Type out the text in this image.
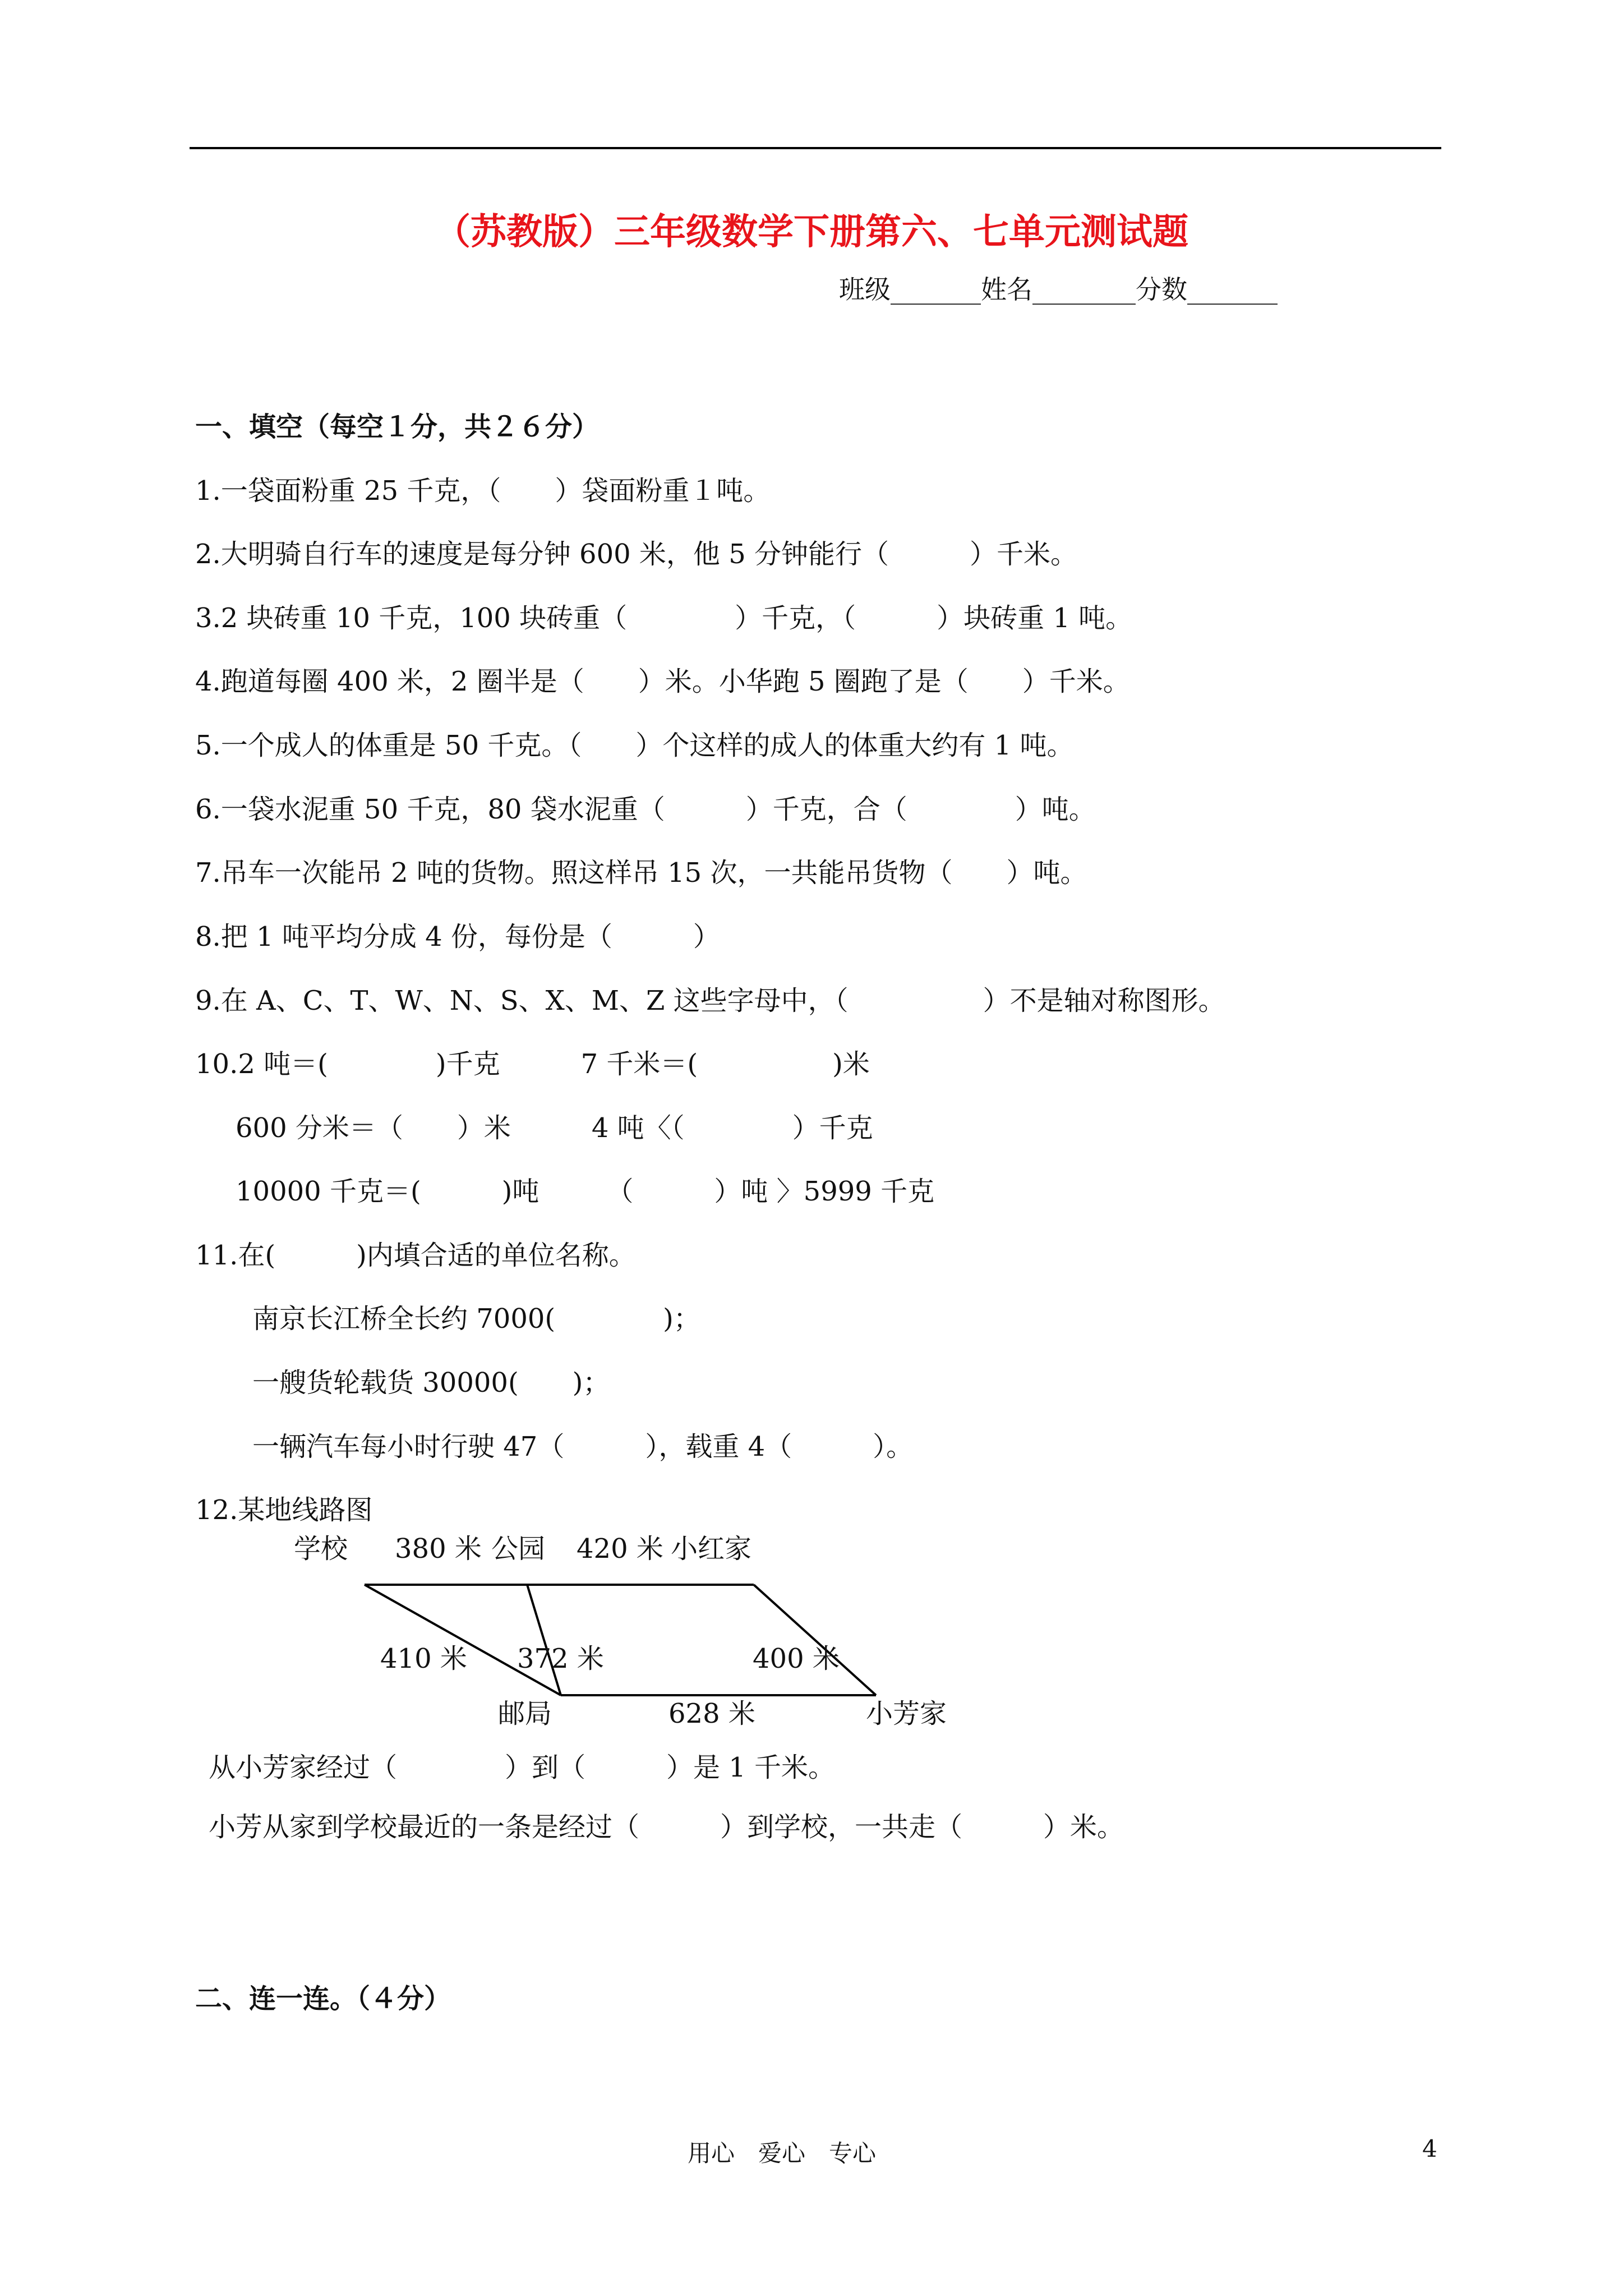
（苏教版）三年级数学下册第六、七单元测试题
班级_______姓名________分数_______
一、填空（每空１分，共２６分）
1.一袋面粉重 25 千克，（　　）袋面粉重１吨。
2.大明骑自行车的速度是每分钟 600 米，他 5 分钟能行（　　　）千米。
3.2 块砖重 10 千克，100 块砖重（　　　　）千克，（　　　）块砖重 1 吨。
4.跑道每圈 400 米，2 圈半是（　　）米。小华跑 5 圈跑了是（　　）千米。
5.一个成人的体重是 50 千克。（　　）个这样的成人的体重大约有 1 吨。
6.一袋水泥重 50 千克，80 袋水泥重（　　　）千克，合（　　　　）吨。
7.吊车一次能吊 2 吨的货物。照这样吊 15 次，一共能吊货物（　　）吨。
8.把 1 吨平均分成 4 份，每份是（　　　）
9.在 A、C、T、W、N、S、X、M、Z 这些字母中，（　　　　　）不是轴对称图形。
10.2 吨＝(　　　　)千克　　　7 千米＝(　　　　　)米
600 分米＝（　　）米　　　4 吨〈（　　　　）千克
10000 千克＝(　　　)吨　　　（　　　）吨 〉5999 千克
11.在(　　　)内填合适的单位名称。
南京长江桥全长约 7000(　　　　)；
一艘货轮载货 30000(　　)；
一辆汽车每小时行驶 47（　　　），载重 4（　　　）。
12.某地线路图
学校 380 米 公园 420 米 小红家
410 米 372 米	400 米
邮局	628 米	小芳家
从小芳家经过（　　　　）到（　　　）是 1 千米。
小芳从家到学校最近的一条是经过（　　　）到学校，一共走（　　　）米。
二、连一连。（４分）
用心　爱心　专心	4
